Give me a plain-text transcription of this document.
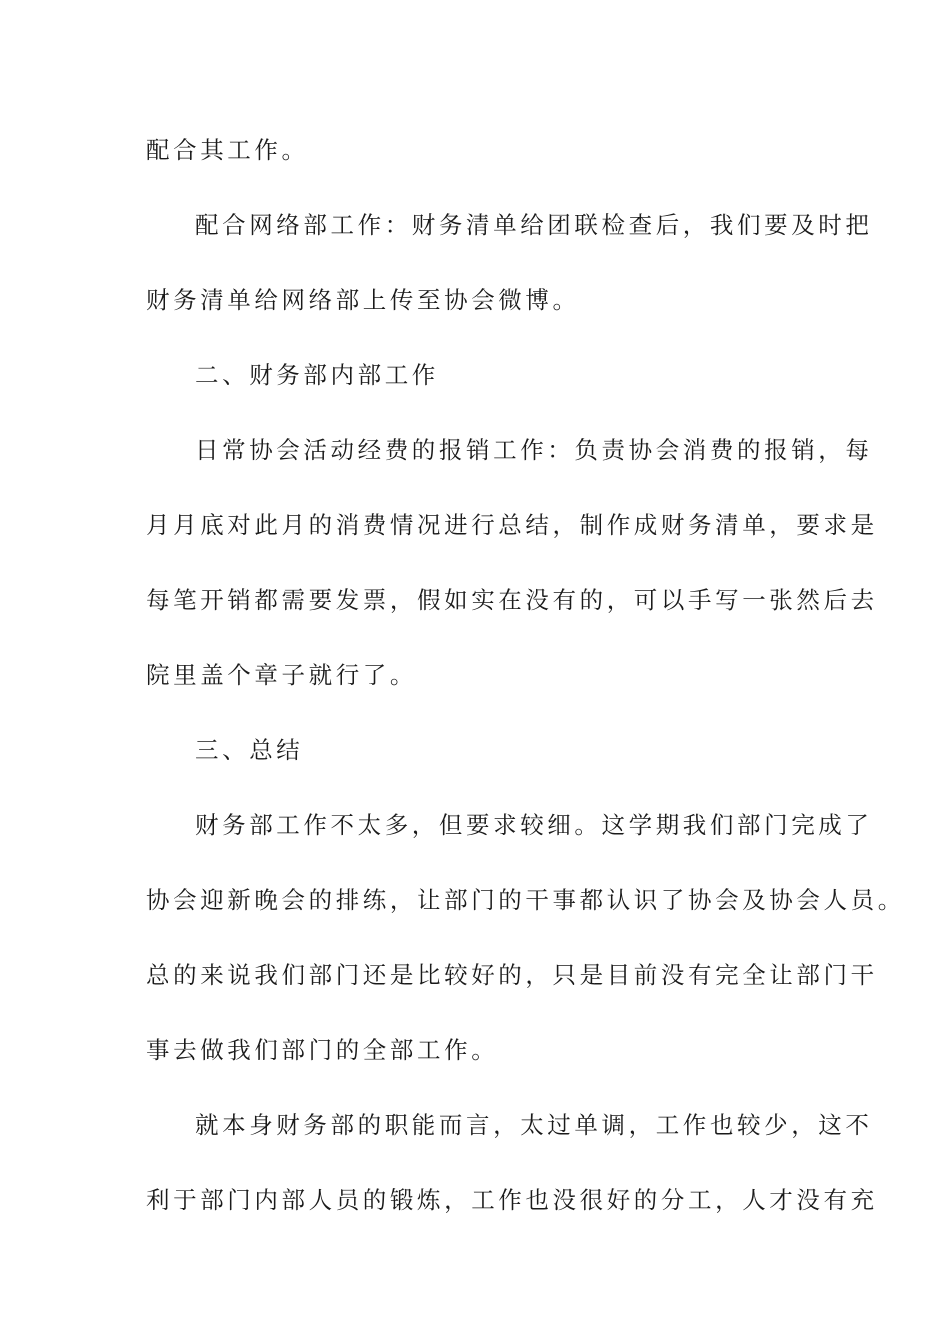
配合其工作。
配合网络部工作：财务清单给团联检查后，我们要及时把
财务清单给网络部上传至协会微博。
二、财务部内部工作
日常协会活动经费的报销工作：负责协会消费的报销，每
月月底对此月的消费情况进行总结，制作成财务清单，要求是
每笔开销都需要发票，假如实在没有的，可以手写一张然后去
院里盖个章子就行了。
三、总结
财务部工作不太多，但要求较细。这学期我们部门完成了
协会迎新晚会的排练，让部门的干事都认识了协会及协会人员。
总的来说我们部门还是比较好的，只是目前没有完全让部门干
事去做我们部门的全部工作。
就本身财务部的职能而言，太过单调，工作也较少，这不
利于部门内部人员的锻炼，工作也没很好的分工，人才没有充
